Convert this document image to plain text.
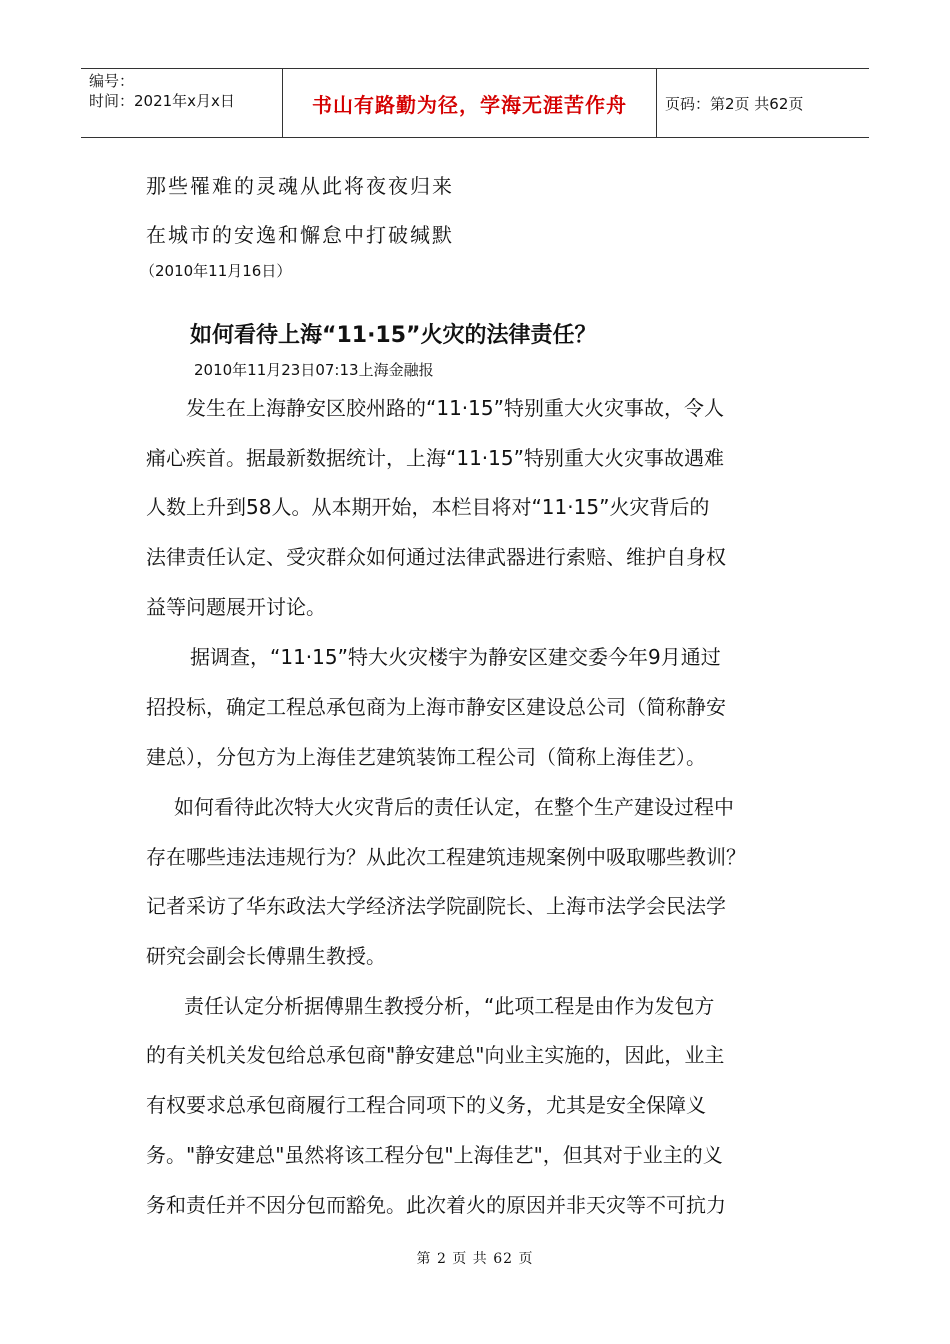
编号：
时间：2021年x月x日	书山有路勤为径，学海无涯苦作舟	页码：第2页 共62页
那些罹难的灵魂从此将夜夜归来
在城市的安逸和懈怠中打破缄默
（2010年11月16日）
如何看待上海“11·15”火灾的法律责任？
2010年11月23日07:13上海金融报
发生在上海静安区胶州路的“11·15”特别重大火灾事故，令人
痛心疾首。据最新数据统计，上海“11·15”特别重大火灾事故遇难
人数上升到58人。从本期开始，本栏目将对“11·15”火灾背后的
法律责任认定、受灾群众如何通过法律武器进行索赔、维护自身权
益等问题展开讨论。
据调查，“11·15”特大火灾楼宇为静安区建交委今年9月通过
招投标，确定工程总承包商为上海市静安区建设总公司（简称静安
建总），分包方为上海佳艺建筑装饰工程公司（简称上海佳艺）。
如何看待此次特大火灾背后的责任认定，在整个生产建设过程中
存在哪些违法违规行为？从此次工程建筑违规案例中吸取哪些教训？
记者采访了华东政法大学经济法学院副院长、上海市法学会民法学
研究会副会长傅鼎生教授。
责任认定分析据傅鼎生教授分析，“此项工程是由作为发包方
的有关机关发包给总承包商"静安建总"向业主实施的，因此，业主
有权要求总承包商履行工程合同项下的义务，尤其是安全保障义
务。"静安建总"虽然将该工程分包"上海佳艺"，但其对于业主的义
务和责任并不因分包而豁免。此次着火的原因并非天灾等不可抗力
第 2 页 共 62 页
